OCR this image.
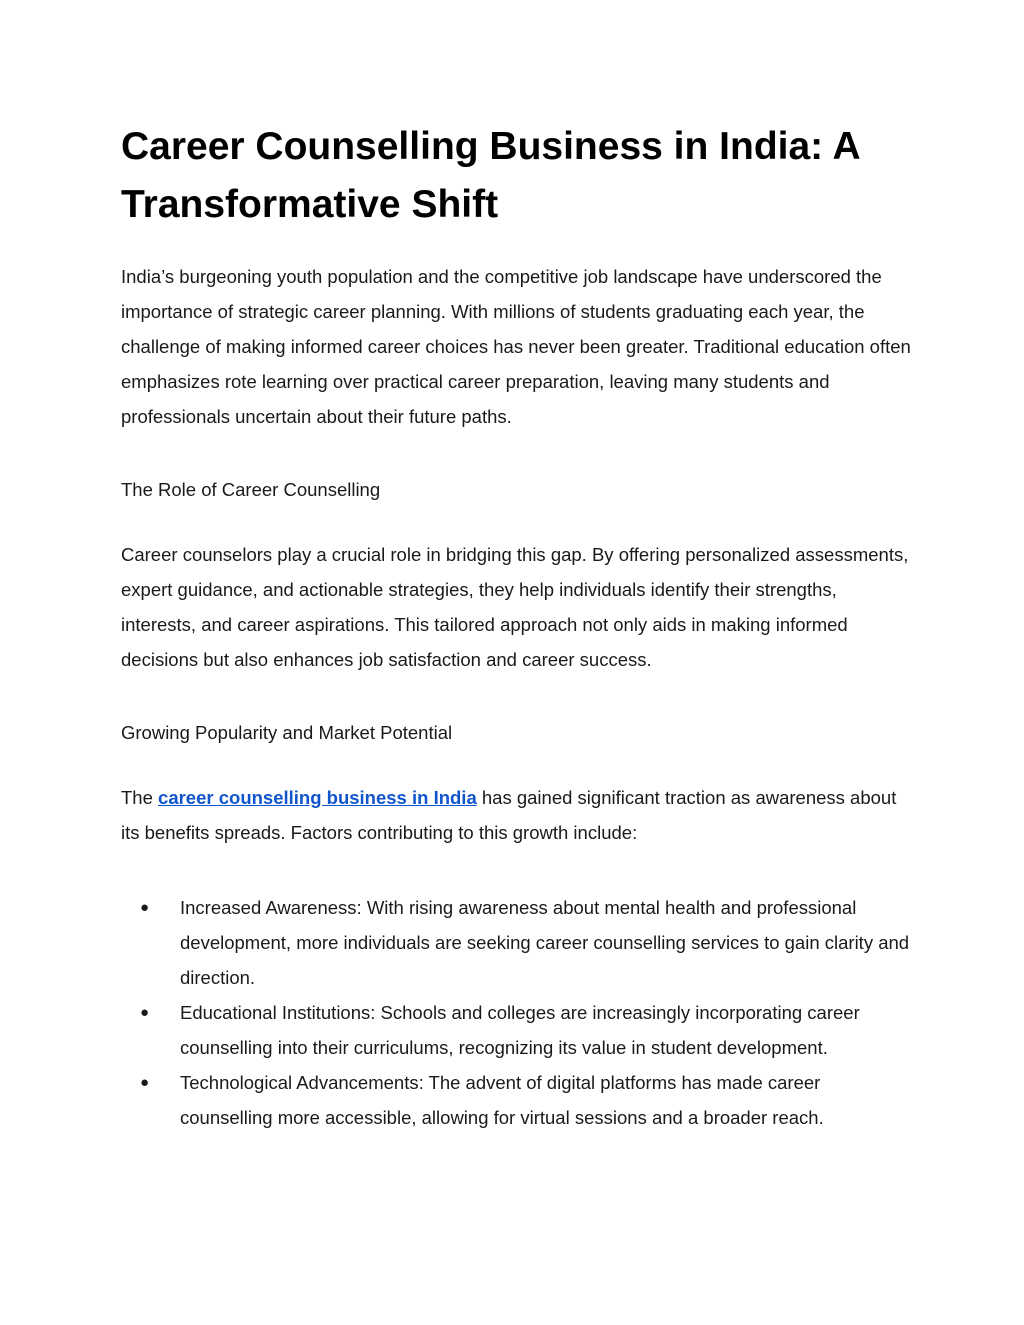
Career Counselling Business in India: A Transformative Shift

India’s burgeoning youth population and the competitive job landscape have underscored the importance of strategic career planning. With millions of students graduating each year, the challenge of making informed career choices has never been greater. Traditional education often emphasizes rote learning over practical career preparation, leaving many students and professionals uncertain about their future paths.

The Role of Career Counselling

Career counselors play a crucial role in bridging this gap. By offering personalized assessments, expert guidance, and actionable strategies, they help individuals identify their strengths, interests, and career aspirations. This tailored approach not only aids in making informed decisions but also enhances job satisfaction and career success.

Growing Popularity and Market Potential

The career counselling business in India has gained significant traction as awareness about its benefits spreads. Factors contributing to this growth include:

● Increased Awareness: With rising awareness about mental health and professional development, more individuals are seeking career counselling services to gain clarity and direction.
● Educational Institutions: Schools and colleges are increasingly incorporating career counselling into their curriculums, recognizing its value in student development.
● Technological Advancements: The advent of digital platforms has made career counselling more accessible, allowing for virtual sessions and a broader reach.
